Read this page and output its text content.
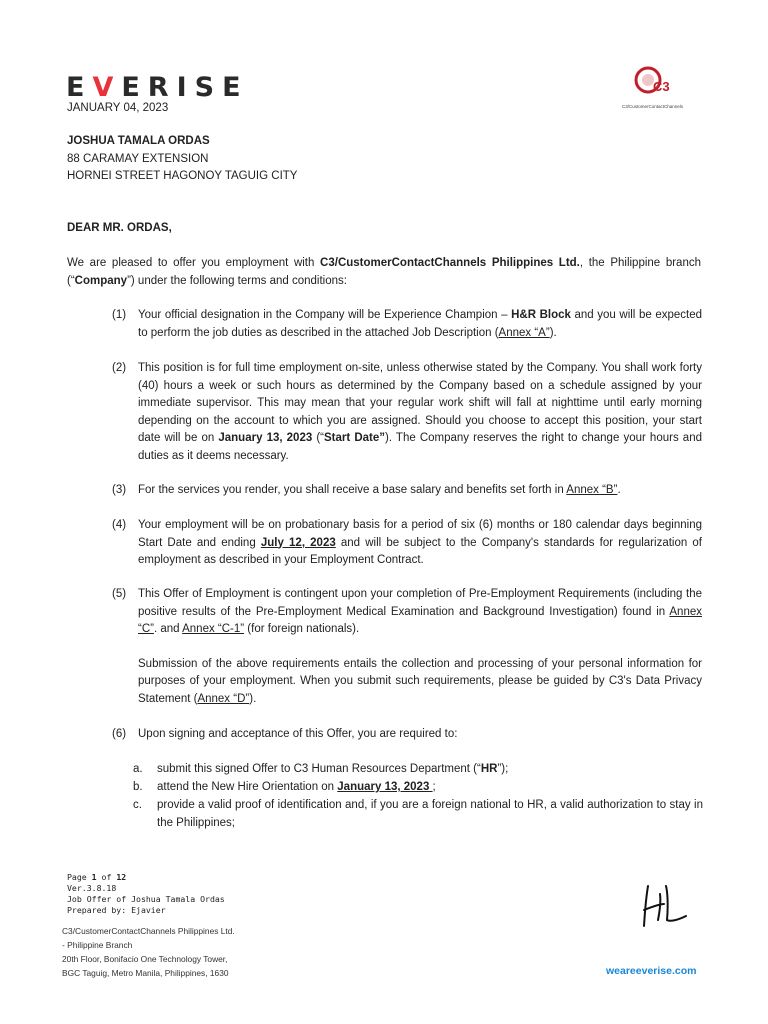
EVERISE
JANUARY 04, 2023
C3
C3/CustomerContactChannels
JOSHUA TAMALA ORDAS
88 CARAMAY EXTENSION
HORNEI STREET HAGONOY TAGUIG CITY
DEAR MR. ORDAS,
We are pleased to offer you employment with C3/CustomerContactChannels Philippines Ltd., the Philippine branch (“Company”) under the following terms and conditions:
(1) Your official designation in the Company will be Experience Champion – H&R Block and you will be expected to perform the job duties as described in the attached Job Description (Annex “A”).
(2) This position is for full time employment on-site, unless otherwise stated by the Company. You shall work forty (40) hours a week or such hours as determined by the Company based on a schedule assigned by your immediate supervisor. This may mean that your regular work shift will fall at nighttime until early morning depending on the account to which you are assigned. Should you choose to accept this position, your start date will be on January 13, 2023 (“Start Date”). The Company reserves the right to change your hours and duties as it deems necessary.
(3) For the services you render, you shall receive a base salary and benefits set forth in Annex “B”.
(4) Your employment will be on probationary basis for a period of six (6) months or 180 calendar days beginning Start Date and ending July 12, 2023 and will be subject to the Company's standards for regularization of employment as described in your Employment Contract.
(5) This Offer of Employment is contingent upon your completion of Pre-Employment Requirements (including the positive results of the Pre-Employment Medical Examination and Background Investigation) found in Annex “C”. and Annex “C-1” (for foreign nationals).
Submission of the above requirements entails the collection and processing of your personal information for purposes of your employment. When you submit such requirements, please be guided by C3's Data Privacy Statement (Annex “D”).
(6) Upon signing and acceptance of this Offer, you are required to:
a. submit this signed Offer to C3 Human Resources Department (“HR”);
b. attend the New Hire Orientation on January 13, 2023 ;
c. provide a valid proof of identification and, if you are a foreign national to HR, a valid authorization to stay in the Philippines;
Page 1 of 12
Ver.3.8.18
Job Offer of Joshua Tamala Ordas
Prepared by: Ejavier
C3/CustomerContactChannels Philippines Ltd.
- Philippine Branch
20th Floor, Bonifacio One Technology Tower,
BGC Taguig, Metro Manila, Philippines, 1630	weareeverise.com
